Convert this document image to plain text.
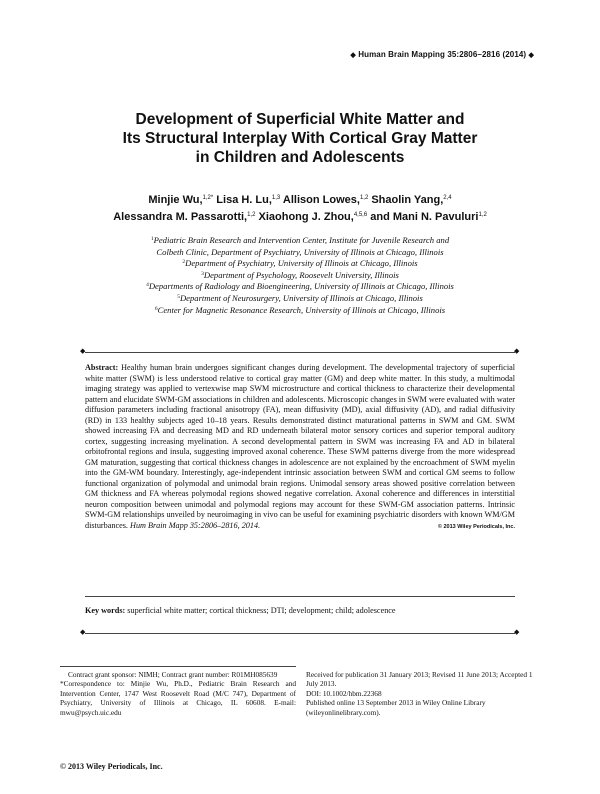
◆ Human Brain Mapping 35:2806–2816 (2014) ◆
Development of Superficial White Matter and
Its Structural Interplay With Cortical Gray Matter
in Children and Adolescents
Minjie Wu,$^{1,2*}$ Lisa H. Lu,$^{1,3}$ Allison Lowes,$^{1,2}$ Shaolin Yang,$^{2,4}$
Alessandra M. Passarotti,$^{1,2}$ Xiaohong J. Zhou,$^{4,5,6}$ and Mani N. Pavuluri$^{1,2}$
$^1$Pediatric Brain Research and Intervention Center, Institute for Juvenile Research and
Colbeth Clinic, Department of Psychiatry, University of Illinois at Chicago, Illinois
$^2$Department of Psychiatry, University of Illinois at Chicago, Illinois
$^3$Department of Psychology, Roosevelt University, Illinois
$^4$Departments of Radiology and Bioengineering, University of Illinois at Chicago, Illinois
$^5$Department of Neurosurgery, University of Illinois at Chicago, Illinois
$^6$Center for Magnetic Resonance Research, University of Illinois at Chicago, Illinois
◆	◆

Abstract: Healthy human brain undergoes significant changes during development. The developmental trajectory of superficial white matter (SWM) is less understood relative to cortical gray matter (GM) and deep white matter. In this study, a multimodal imaging strategy was applied to vertexwise map SWM microstructure and cortical thickness to characterize their developmental pattern and elucidate SWM-GM associations in children and adolescents. Microscopic changes in SWM were evaluated with water diffusion parameters including fractional anisotropy (FA), mean diffusivity (MD), axial diffusivity (AD), and radial diffusivity (RD) in 133 healthy subjects aged 10–18 years. Results demonstrated distinct maturational patterns in SWM and GM. SWM showed increasing FA and decreasing MD and RD underneath bilateral motor sensory cortices and superior temporal auditory cortex, suggesting increasing myelination. A second developmental pattern in SWM was increasing FA and AD in bilateral orbitofrontal regions and insula, suggesting improved axonal coherence. These SWM patterns diverge from the more widespread GM maturation, suggesting that cortical thickness changes in adolescence are not explained by the encroachment of SWM myelin into the GM-WM boundary. Interestingly, age-independent intrinsic association between SWM and cortical GM seems to follow functional organization of polymodal and unimodal brain regions. Unimodal sensory areas showed positive correlation between GM thickness and FA whereas polymodal regions showed negative correlation. Axonal coherence and differences in interstitial neuron composition between unimodal and polymodal regions may account for these SWM-GM association patterns. Intrinsic SWM-GM relationships unveiled by neuroimaging in vivo can be useful for examining psychiatric disorders with known WM/GM disturbances. Hum Brain Mapp 35:2806–2816, 2014.	© 2013 Wiley Periodicals, Inc.

Key words: superficial white matter; cortical thickness; DTI; development; child; adolescence
◆	◆

Contract grant sponsor: NIMH; Contract grant number: R01MH085639

*Correspondence to: Minjie Wu, Ph.D., Pediatric Brain Research and Intervention Center, 1747 West Roosevelt Road (M/C 747), Department of Psychiatry, University of Illinois at Chicago, IL 60608. E-mail: mwu@psych.uic.edu

Received for publication 31 January 2013; Revised 11 June 2013; Accepted 1 July 2013.

DOI: 10.1002/hbm.22368

Published online 13 September 2013 in Wiley Online Library (wileyonlinelibrary.com).

© 2013 Wiley Periodicals, Inc.
